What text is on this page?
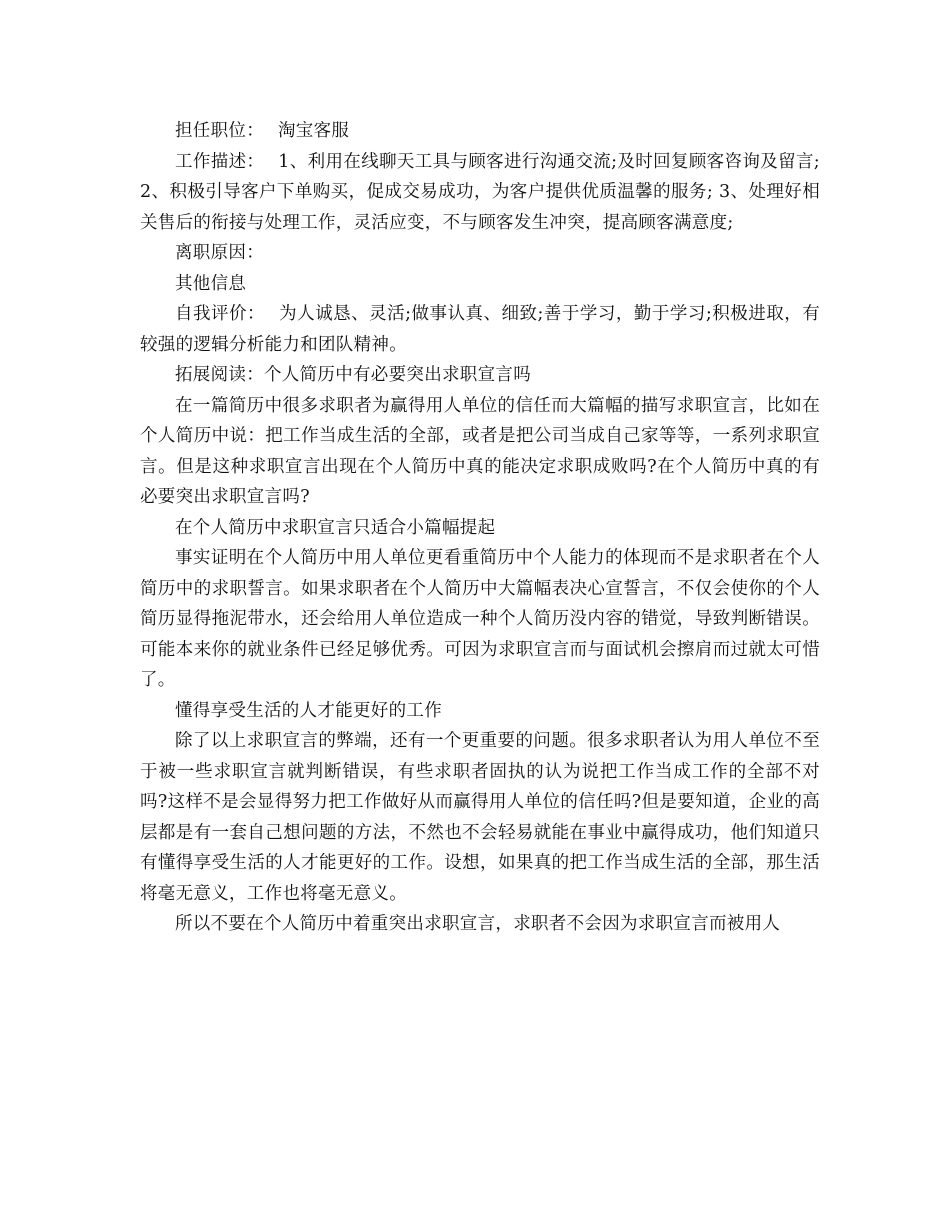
担任职位： 淘宝客服

工作描述： 1、利用在线聊天工具与顾客进行沟通交流;及时回复顾客咨询及留言; 2、积极引导客户下单购买，促成交易成功，为客户提供优质温馨的服务; 3、处理好相关售后的衔接与处理工作，灵活应变，不与顾客发生冲突，提高顾客满意度;

离职原因：

其他信息

自我评价： 为人诚恳、灵活;做事认真、细致;善于学习，勤于学习;积极进取，有较强的逻辑分析能力和团队精神。

拓展阅读：个人简历中有必要突出求职宣言吗

在一篇简历中很多求职者为赢得用人单位的信任而大篇幅的描写求职宣言，比如在个人简历中说：把工作当成生活的全部，或者是把公司当成自己家等等，一系列求职宣言。但是这种求职宣言出现在个人简历中真的能决定求职成败吗?在个人简历中真的有必要突出求职宣言吗?

在个人简历中求职宣言只适合小篇幅提起

事实证明在个人简历中用人单位更看重简历中个人能力的体现而不是求职者在个人简历中的求职誓言。如果求职者在个人简历中大篇幅表决心宣誓言，不仅会使你的个人简历显得拖泥带水，还会给用人单位造成一种个人简历没内容的错觉，导致判断错误。可能本来你的就业条件已经足够优秀。可因为求职宣言而与面试机会擦肩而过就太可惜了。

懂得享受生活的人才能更好的工作

除了以上求职宣言的弊端，还有一个更重要的问题。很多求职者认为用人单位不至于被一些求职宣言就判断错误，有些求职者固执的认为说把工作当成工作的全部不对吗?这样不是会显得努力把工作做好从而赢得用人单位的信任吗?但是要知道，企业的高层都是有一套自己想问题的方法，不然也不会轻易就能在事业中赢得成功，他们知道只有懂得享受生活的人才能更好的工作。设想，如果真的把工作当成生活的全部，那生活将毫无意义，工作也将毫无意义。

所以不要在个人简历中着重突出求职宣言，求职者不会因为求职宣言而被用人
